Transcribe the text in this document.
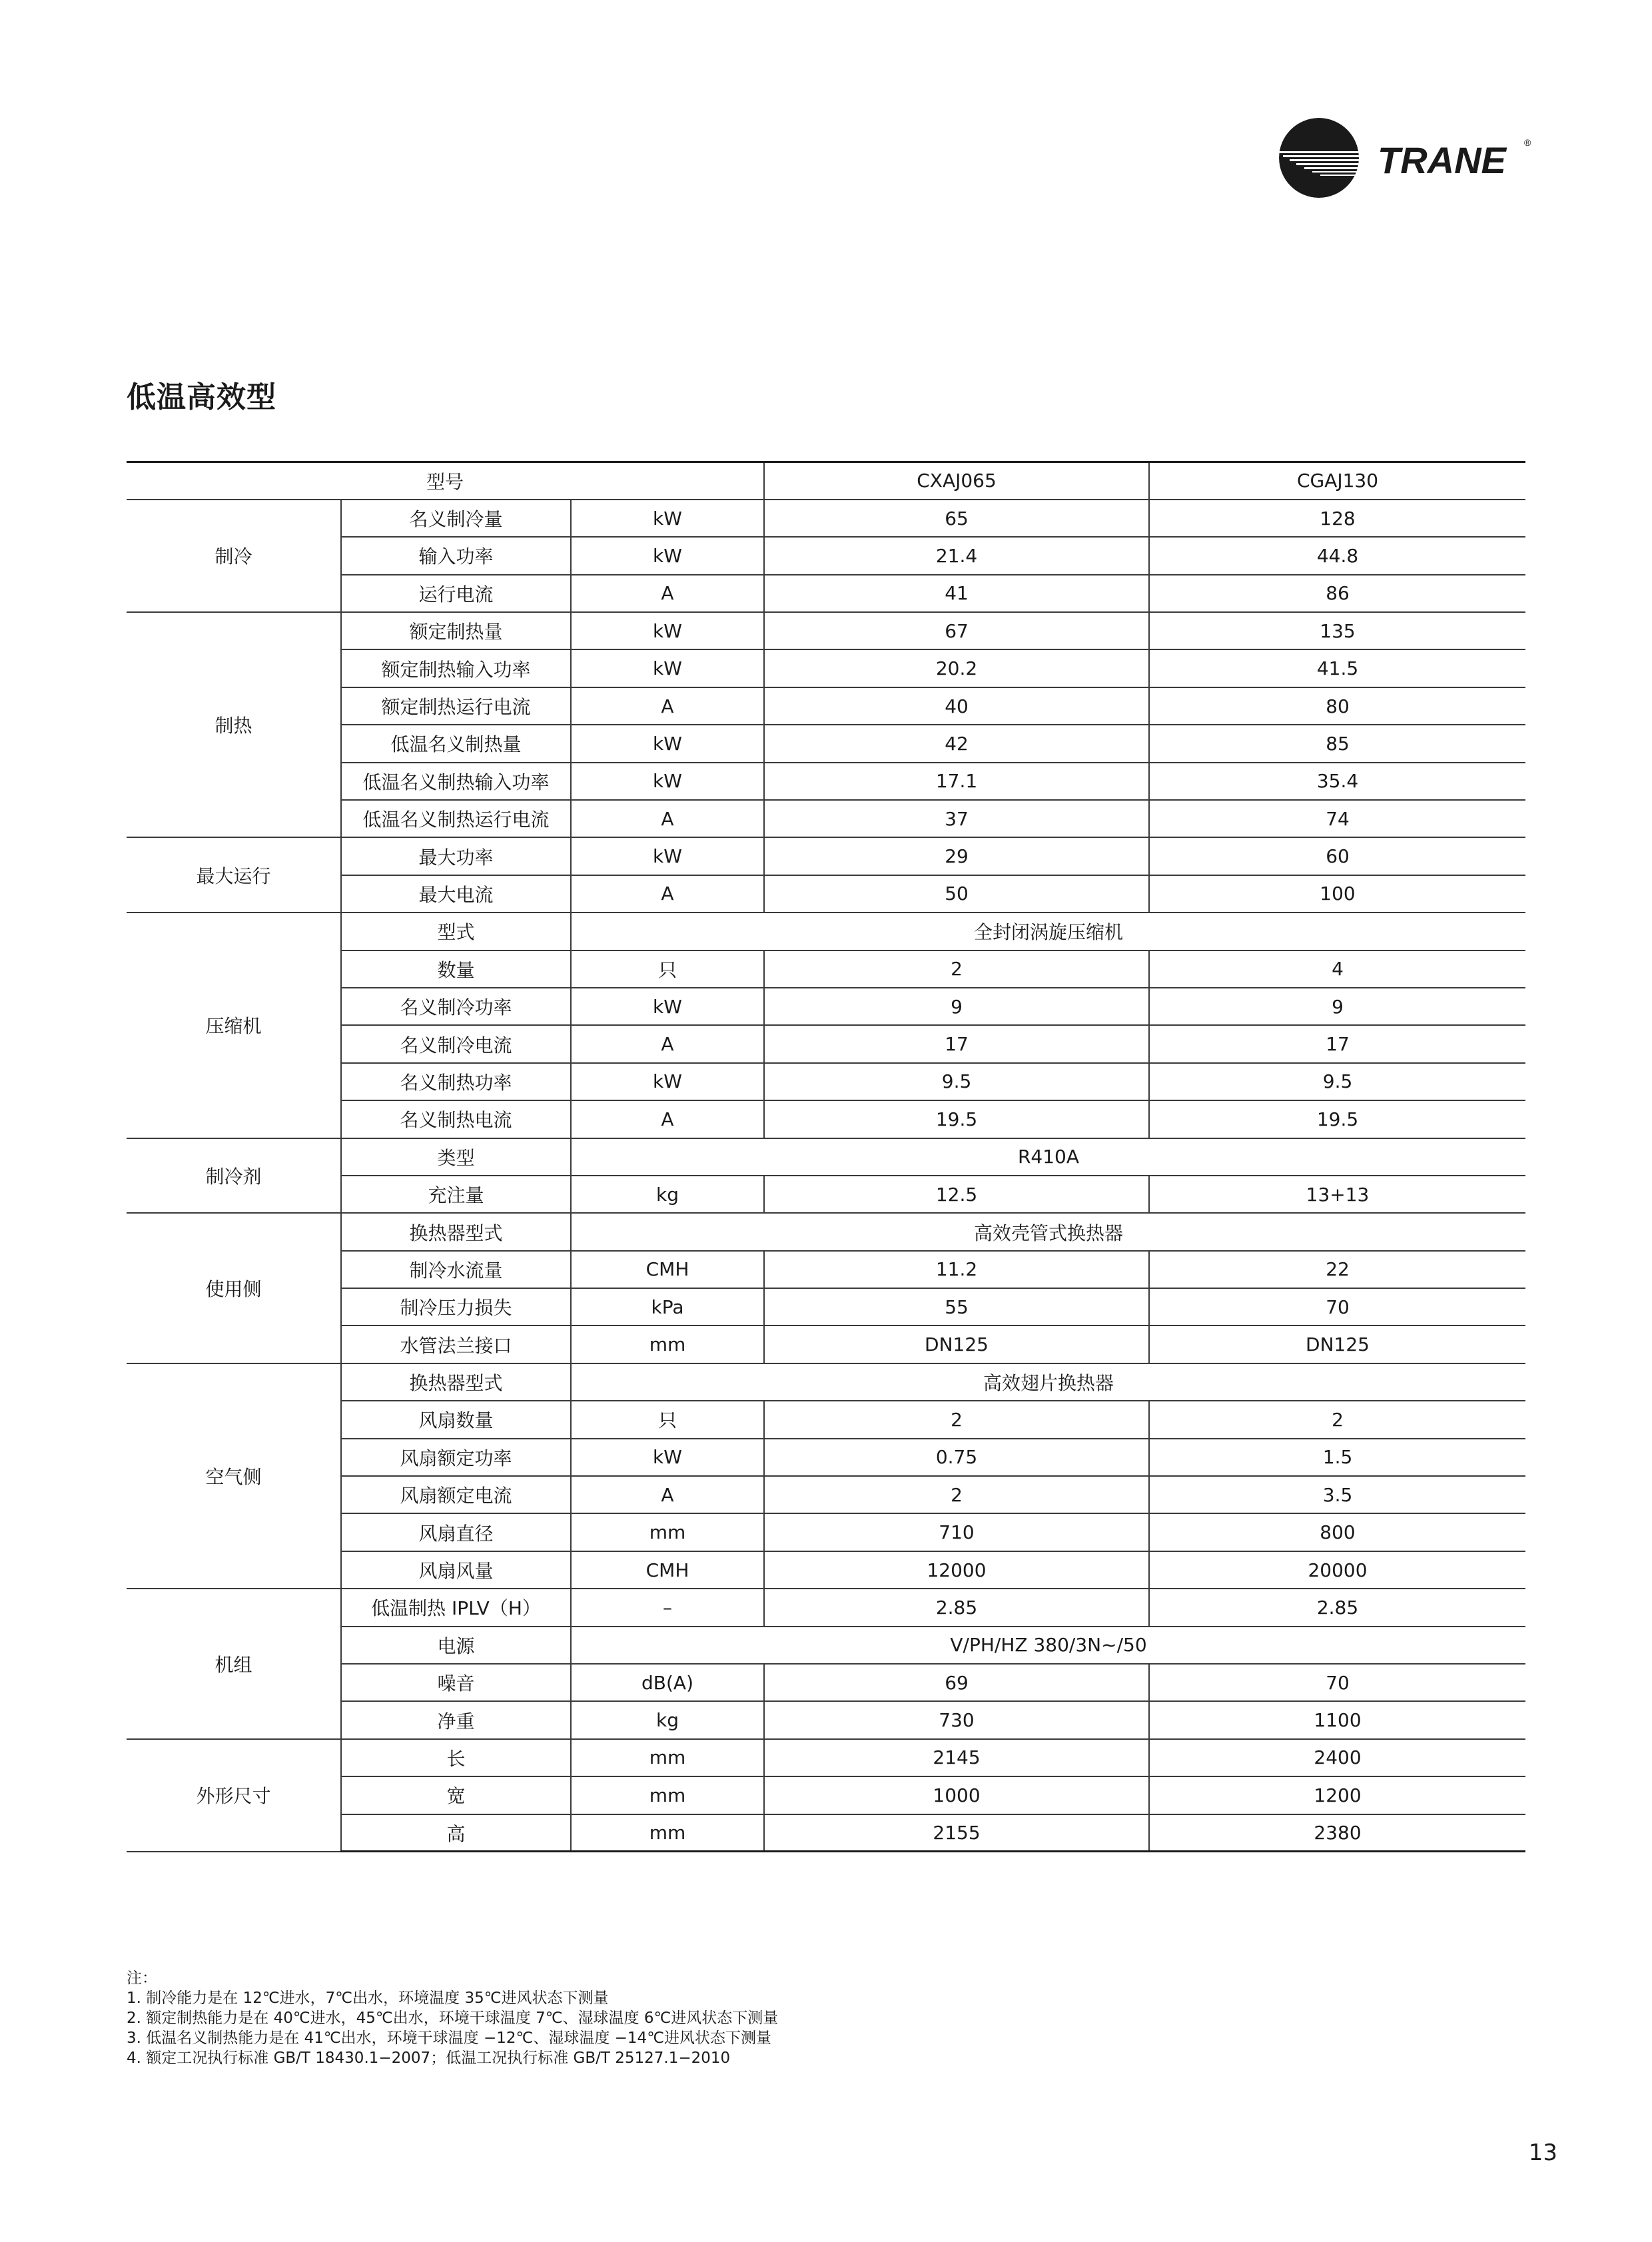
TRANE ®
低温高效型
型号			CXAJ065	CGAJ130
制冷	名义制冷量	kW	65	128
	输入功率	kW	21.4	44.8
	运行电流	A	41	86
制热	额定制热量	kW	67	135
	额定制热输入功率	kW	20.2	41.5
	额定制热运行电流	A	40	80
	低温名义制热量	kW	42	85
	低温名义制热输入功率	kW	17.1	35.4
	低温名义制热运行电流	A	37	74
最大运行	最大功率	kW	29	60
	最大电流	A	50	100
压缩机	型式	全封闭涡旋压缩机		
	数量	只	2	4
	名义制冷功率	kW	9	9
	名义制冷电流	A	17	17
	名义制热功率	kW	9.5	9.5
	名义制热电流	A	19.5	19.5
制冷剂	类型	R410A		
	充注量	kg	12.5	13+13
使用侧	换热器型式	高效壳管式换热器		
	制冷水流量	CMH	11.2	22
	制冷压力损失	kPa	55	70
	水管法兰接口	mm	DN125	DN125
空气侧	换热器型式	高效翅片换热器		
	风扇数量	只	2	2
	风扇额定功率	kW	0.75	1.5
	风扇额定电流	A	2	3.5
	风扇直径	mm	710	800
	风扇风量	CMH	12000	20000
机组	低温制热 IPLV（H）	–	2.85	2.85
	电源	V/PH/HZ 380/3N~/50		
	噪音	dB(A)	69	70
	净重	kg	730	1100
外形尺寸	长	mm	2145	2400
	宽	mm	1000	1200
	高	mm	2155	2380
注：
1. 制冷能力是在 12℃进水，7℃出水，环境温度 35℃进风状态下测量
2. 额定制热能力是在 40℃进水，45℃出水，环境干球温度 7℃、湿球温度 6℃进风状态下测量
3. 低温名义制热能力是在 41℃出水，环境干球温度 −12℃、湿球温度 −14℃进风状态下测量
4. 额定工况执行标准 GB/T 18430.1−2007；低温工况执行标准 GB/T 25127.1−2010
13
